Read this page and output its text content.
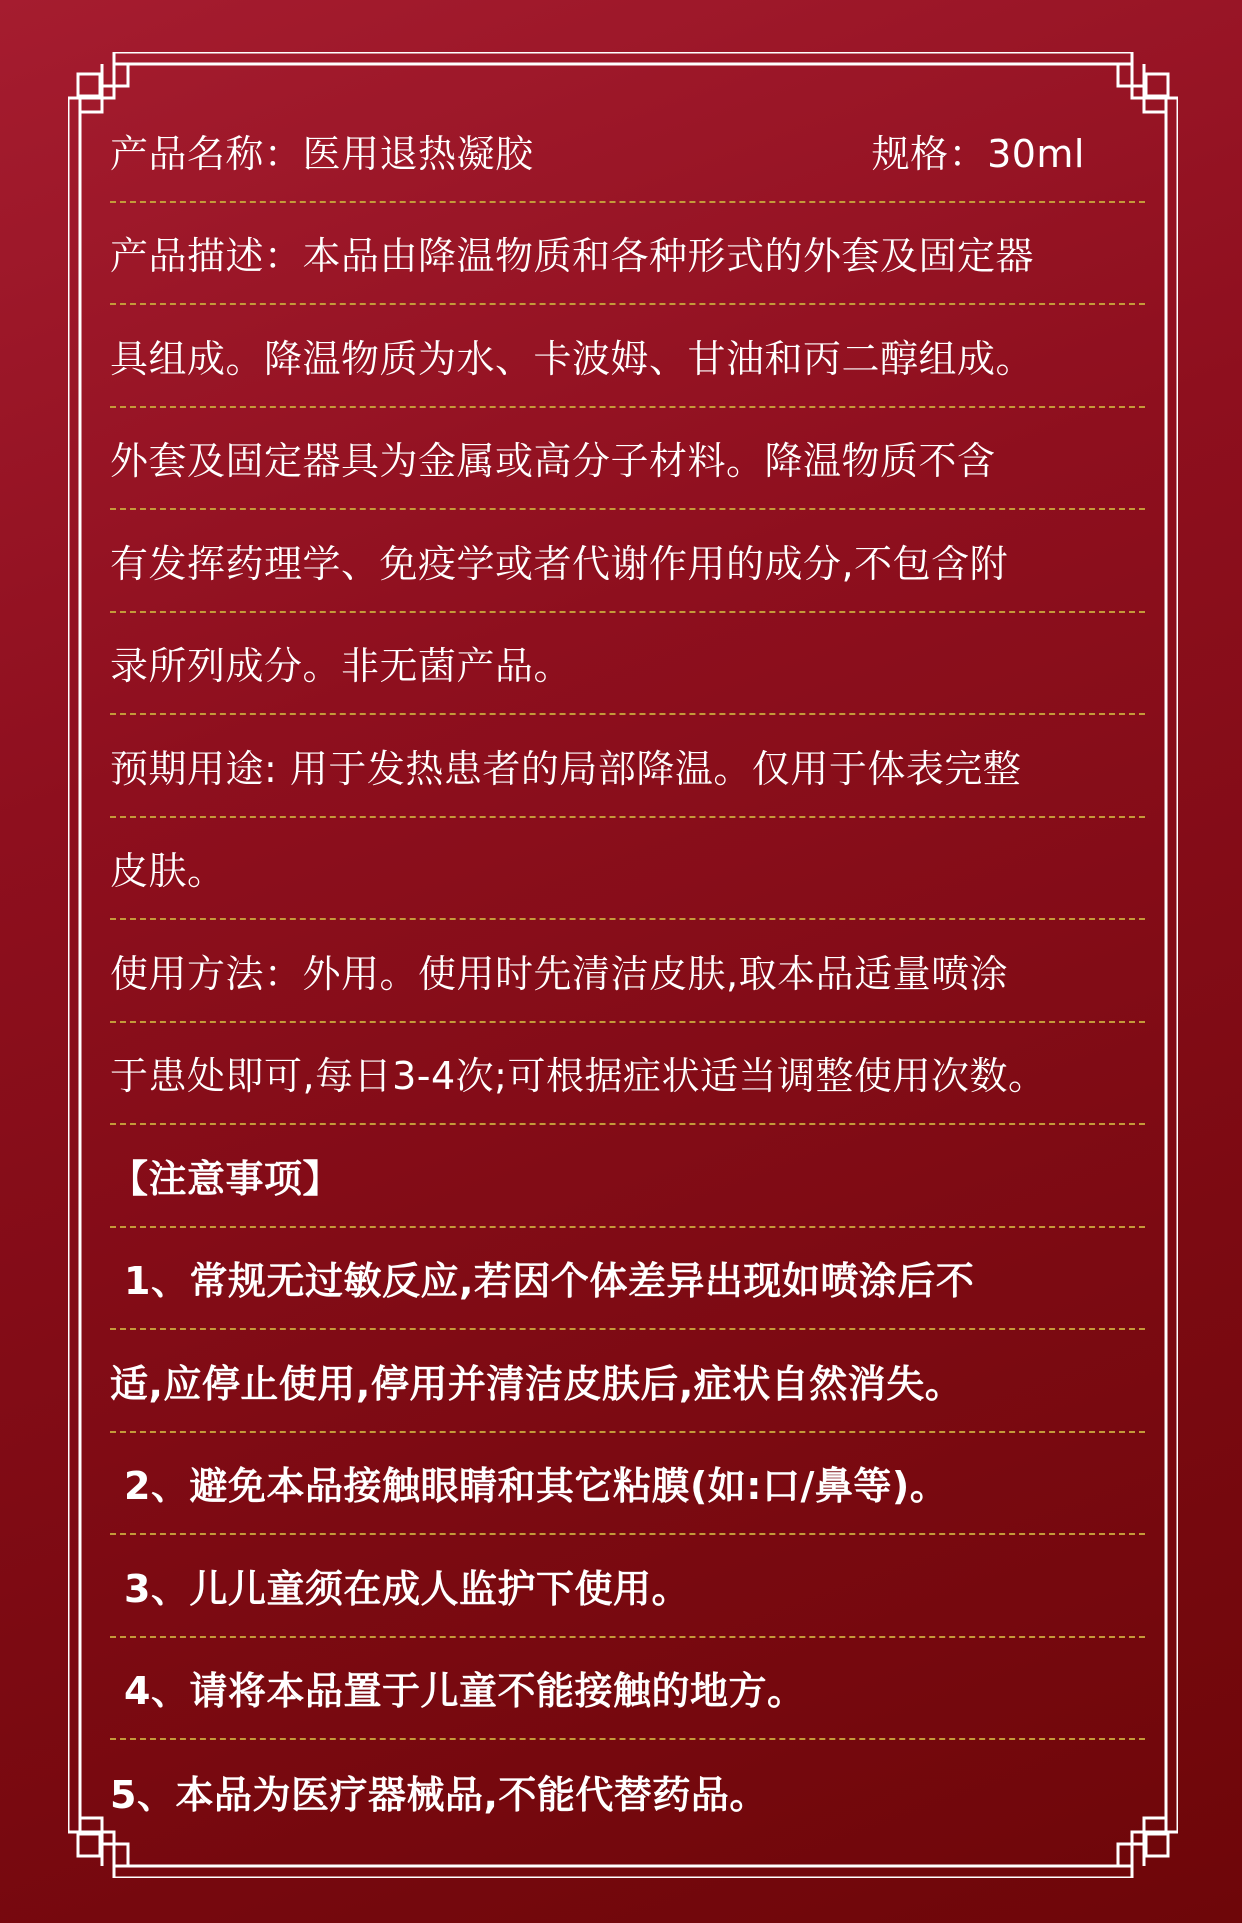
产品名称：医用退热凝胶	规格：30ml
产品描述：本品由降温物质和各种形式的外套及固定器
具组成。降温物质为水、卡波姆、甘油和丙二醇组成。
外套及固定器具为金属或高分子材料。降温物质不含
有发挥药理学、免疫学或者代谢作用的成分,不包含附
录所列成分。非无菌产品。
预期用途: 用于发热患者的局部降温。仅用于体表完整
皮肤。
使用方法：外用。使用时先清洁皮肤,取本品适量喷涂
于患处即可,每日3-4次;可根据症状适当调整使用次数。
【注意事项】
1、常规无过敏反应,若因个体差异出现如喷涂后不
适,应停止使用,停用并清洁皮肤后,症状自然消失。
2、避免本品接触眼睛和其它粘膜(如:口/鼻等)。
3、儿儿童须在成人监护下使用。
4、请将本品置于儿童不能接触的地方。
5、本品为医疗器械品,不能代替药品。
